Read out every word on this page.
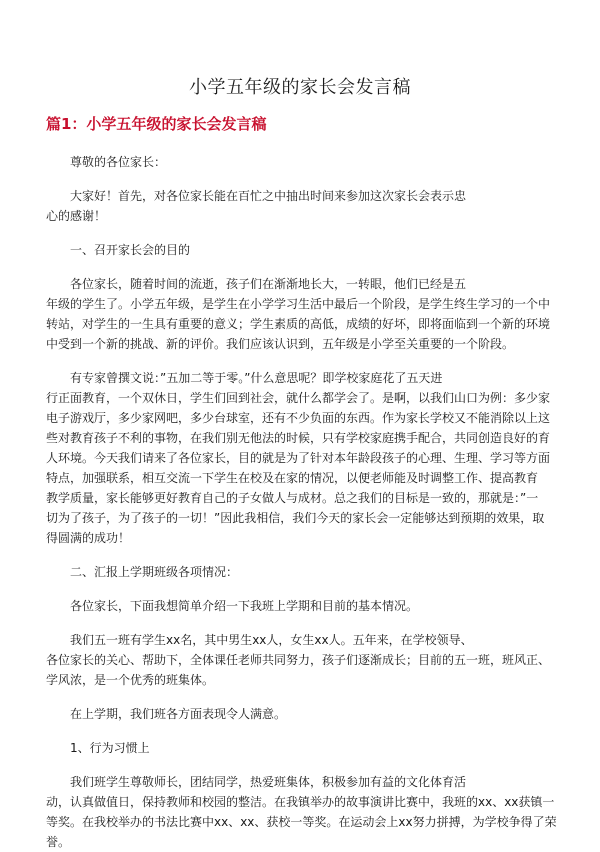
小学五年级的家长会发言稿
篇1：小学五年级的家长会发言稿
尊敬的各位家长：
大家好！首先，对各位家长能在百忙之中抽出时间来参加这次家长会表示忠
心的感谢！
一、召开家长会的目的
各位家长，随着时间的流逝，孩子们在渐渐地长大，一转眼，他们已经是五
年级的学生了。小学五年级，是学生在小学学习生活中最后一个阶段，是学生终生学习的一个中
转站，对学生的一生具有重要的意义；学生素质的高低，成绩的好坏，即将面临到一个新的环境
中受到一个新的挑战、新的评价。我们应该认识到，五年级是小学至关重要的一个阶段。
有专家曾撰文说：”五加二等于零。”什么意思呢？即学校家庭花了五天进
行正面教育，一个双休日，学生们回到社会，就什么都学会了。是啊，以我们山口为例：多少家
电子游戏厅，多少家网吧，多少台球室，还有不少负面的东西。作为家长学校又不能消除以上这
些对教育孩子不利的事物，在我们别无他法的时候，只有学校家庭携手配合，共同创造良好的育
人环境。今天我们请来了各位家长，目的就是为了针对本年龄段孩子的心理、生理、学习等方面
特点，加强联系，相互交流一下学生在校及在家的情况，以便老师能及时调整工作、提高教育
教学质量，家长能够更好教育自己的子女做人与成材。总之我们的目标是一致的，那就是：”一
切为了孩子，为了孩子的一切！”因此我相信，我们今天的家长会一定能够达到预期的效果，取
得圆满的成功！
二、汇报上学期班级各项情况：
各位家长，下面我想简单介绍一下我班上学期和目前的基本情况。
我们五一班有学生xx名，其中男生xx人，女生xx人。五年来，在学校领导、
各位家长的关心、帮助下，全体课任老师共同努力，孩子们逐渐成长；目前的五一班，班风正、
学风浓，是一个优秀的班集体。
在上学期，我们班各方面表现令人满意。
1、行为习惯上
我们班学生尊敬师长，团结同学，热爱班集体，积极参加有益的文化体育活
动，认真做值日，保持教师和校园的整洁。在我镇举办的故事演讲比赛中，我班的xx、xx获镇一
等奖。在我校举办的书法比赛中xx、xx、获校一等奖。在运动会上xx努力拼搏，为学校争得了荣
誉。
